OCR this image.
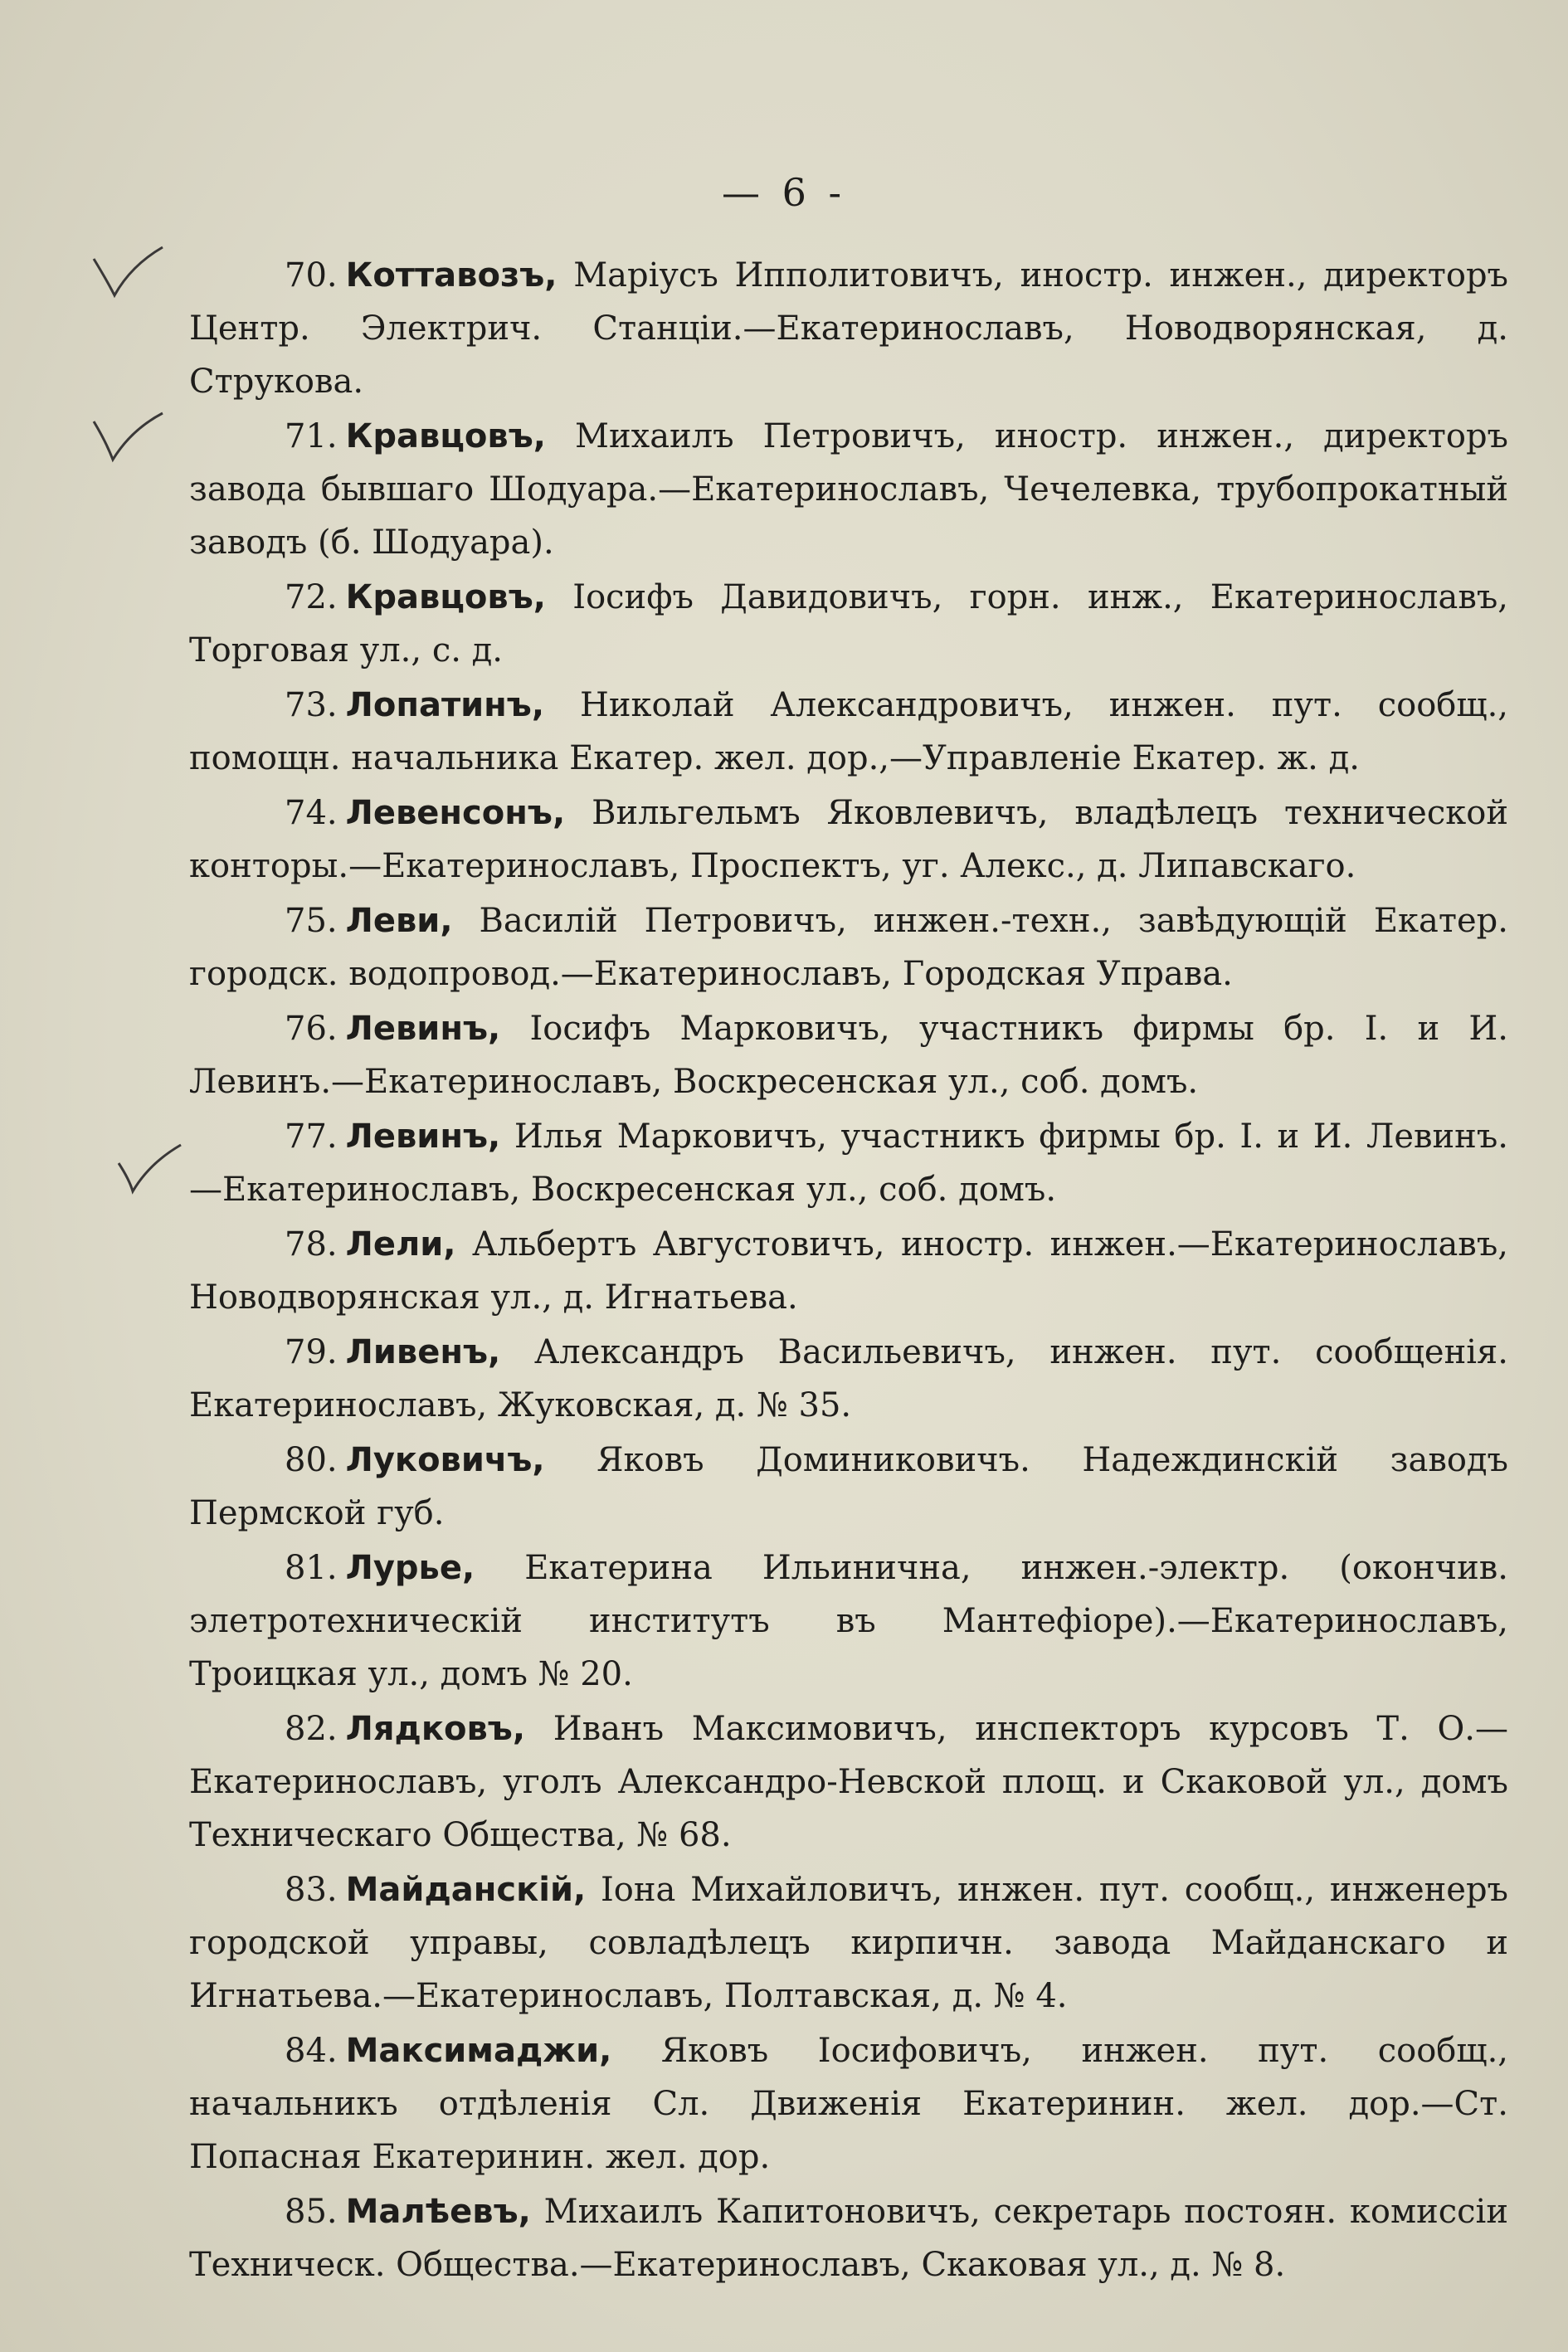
— 6 -

70. Коттавозъ, Маріусъ Ипполитовичъ, иностр. инжен., директоръ Центр. Электрич. Станціи.—Екатеринославъ, Новодворянская, д. Струкова.

71. Кравцовъ, Михаилъ Петровичъ, иностр. инжен., директоръ завода бывшаго Шодуара.—Екатеринославъ, Чечелевка, трубопрокатный заводъ (б. Шодуара).

72. Кравцовъ, Іосифъ Давидовичъ, горн. инж., Екатеринославъ, Торговая ул., с. д.

73. Лопатинъ, Николай Александровичъ, инжен. пут. сообщ., помощн. начальника Екатер. жел. дор.,—Управленіе Екатер. ж. д.

74. Левенсонъ, Вильгельмъ Яковлевичъ, владѣлецъ технической конторы.—Екатеринославъ, Проспектъ, уг. Алекс., д. Липавскаго.

75. Леви, Василій Петровичъ, инжен.-техн., завѣдующій Екатер. городск. водопровод.—Екатеринославъ, Городская Управа.

76. Левинъ, Іосифъ Марковичъ, участникъ фирмы бр. І. и И. Левинъ.—Екатеринославъ, Воскресенская ул., соб. домъ.

77. Левинъ, Илья Марковичъ, участникъ фирмы бр. І. и И. Левинъ.—Екатеринославъ, Воскресенская ул., соб. домъ.

78. Лели, Альбертъ Августовичъ, иностр. инжен.—Екатеринославъ, Новодворянская ул., д. Игнатьева.

79. Ливенъ, Александръ Васильевичъ, инжен. пут. сообщенія. Екатеринославъ, Жуковская, д. № 35.

80. Луковичъ, Яковъ Доминиковичъ. Надеждинскій заводъ Пермской губ.

81. Лурье, Екатерина Ильинична, инжен.-электр. (окончив. элетротехническій институтъ въ Мантефіоре).—Екатеринославъ, Троицкая ул., домъ № 20.

82. Лядковъ, Иванъ Максимовичъ, инспекторъ курсовъ Т. О.—Екатеринославъ, уголъ Александро-Невской площ. и Скаковой ул., домъ Техническаго Общества, № 68.

83. Майданскій, Іона Михайловичъ, инжен. пут. сообщ., инженеръ городской управы, совладѣлецъ кирпичн. завода Майданскаго и Игнатьева.—Екатеринославъ, Полтавская, д. № 4.

84. Максимаджи, Яковъ Іосифовичъ, инжен. пут. сообщ., начальникъ отдѣленія Сл. Движенія Екатеринин. жел. дор.—Ст. Попасная Екатеринин. жел. дор.

85. Малѣевъ, Михаилъ Капитоновичъ, секретарь постоян. комиссіи Техническ. Общества.—Екатеринославъ, Скаковая ул., д. № 8.
